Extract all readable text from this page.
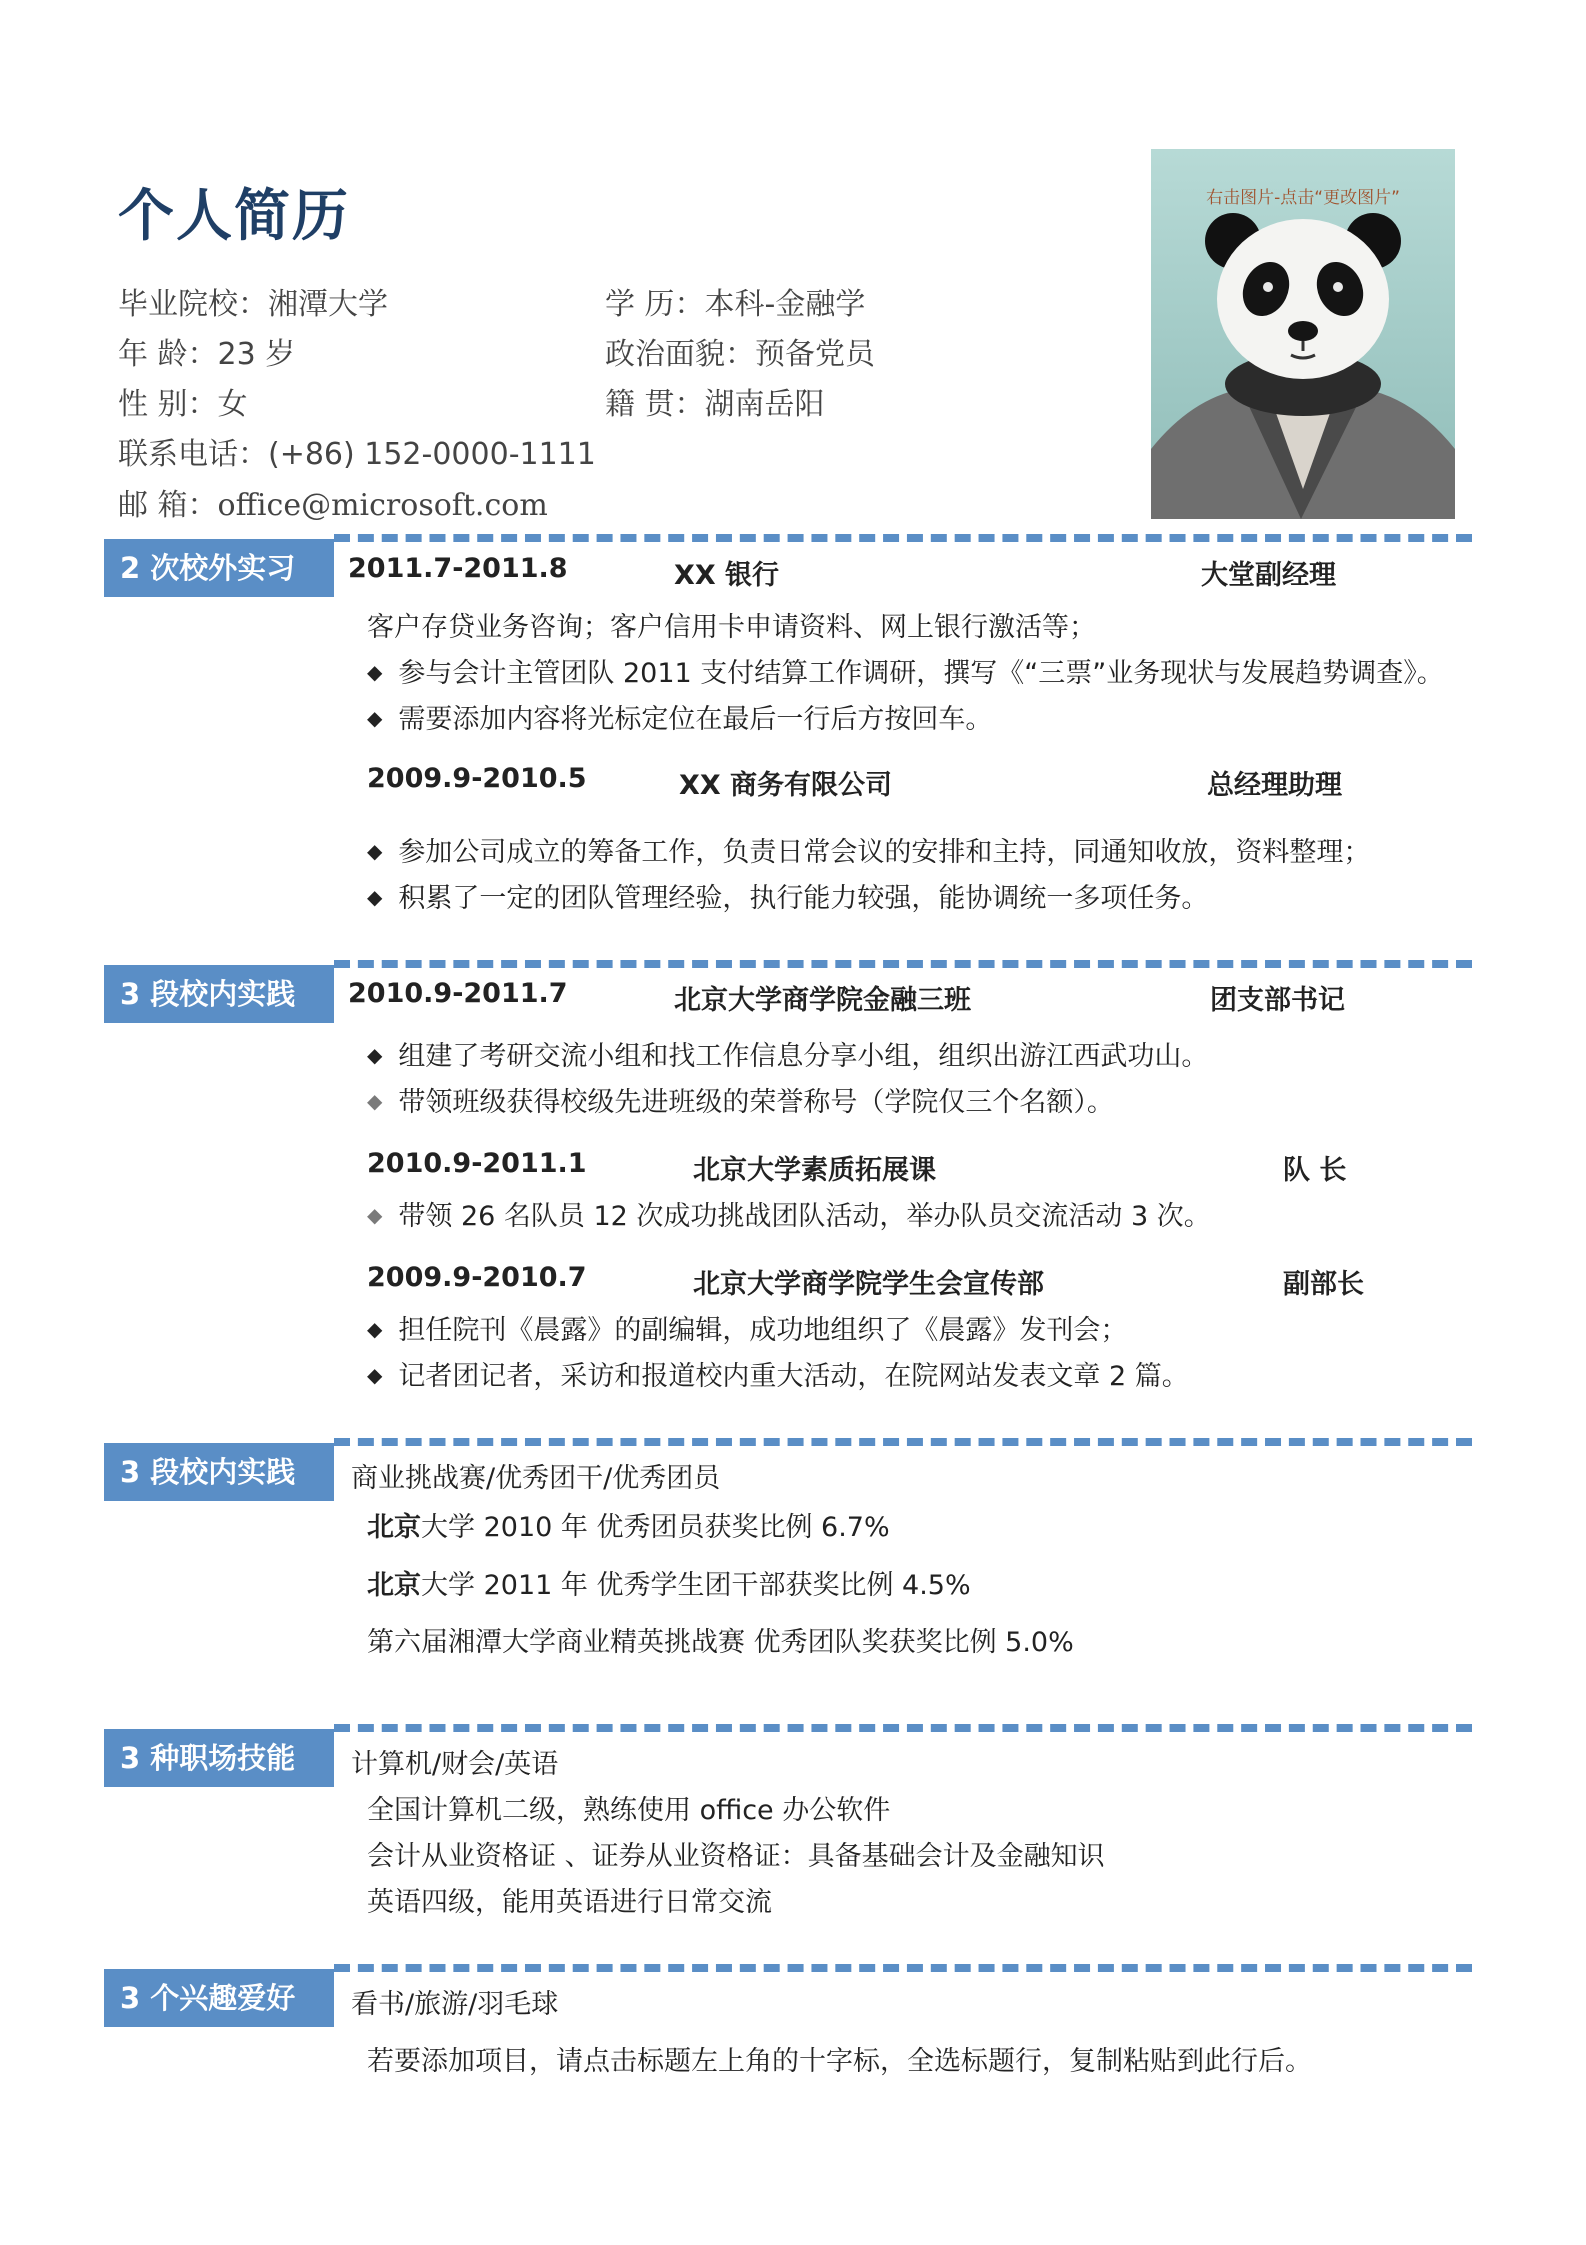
个人简历
毕业院校：湘潭大学	学 历：本科-金融学
年 龄：23 岁	政治面貌：预备党员
性 别：女	籍 贯：湖南岳阳
联系电话：(+86) 152-0000-1111
邮 箱：office@microsoft.com
右击图片-点击“更改图片”
2 次校外实习	2011.7-2011.8	XX 银行	大堂副经理
客户存贷业务咨询；客户信用卡申请资料、网上银行激活等；
◆ 参与会计主管团队 2011 支付结算工作调研，撰写《“三票”业务现状与发展趋势调查》。
◆ 需要添加内容将光标定位在最后一行后方按回车。
2009.9-2010.5	XX 商务有限公司	总经理助理
◆ 参加公司成立的筹备工作，负责日常会议的安排和主持，同通知收放，资料整理；
◆ 积累了一定的团队管理经验，执行能力较强，能协调统一多项任务。
3 段校内实践	2010.9-2011.7	北京大学商学院金融三班	团支部书记
◆ 组建了考研交流小组和找工作信息分享小组，组织出游江西武功山。
◆ 带领班级获得校级先进班级的荣誉称号（学院仅三个名额）。
2010.9-2011.1	北京大学素质拓展课	队 长
◆ 带领 26 名队员 12 次成功挑战团队活动，举办队员交流活动 3 次。
2009.9-2010.7	北京大学商学院学生会宣传部	副部长
◆ 担任院刊《晨露》的副编辑，成功地组织了《晨露》发刊会；
◆ 记者团记者，采访和报道校内重大活动，在院网站发表文章 2 篇。
3 段校内实践	商业挑战赛/优秀团干/优秀团员
北京大学 2010 年 优秀团员获奖比例 6.7%
北京大学 2011 年 优秀学生团干部获奖比例 4.5%
第六届湘潭大学商业精英挑战赛 优秀团队奖获奖比例 5.0%
3 种职场技能	计算机/财会/英语
全国计算机二级，熟练使用 office 办公软件
会计从业资格证 、证券从业资格证：具备基础会计及金融知识
英语四级，能用英语进行日常交流
3 个兴趣爱好	看书/旅游/羽毛球
若要添加项目，请点击标题左上角的十字标，全选标题行，复制粘贴到此行后。
